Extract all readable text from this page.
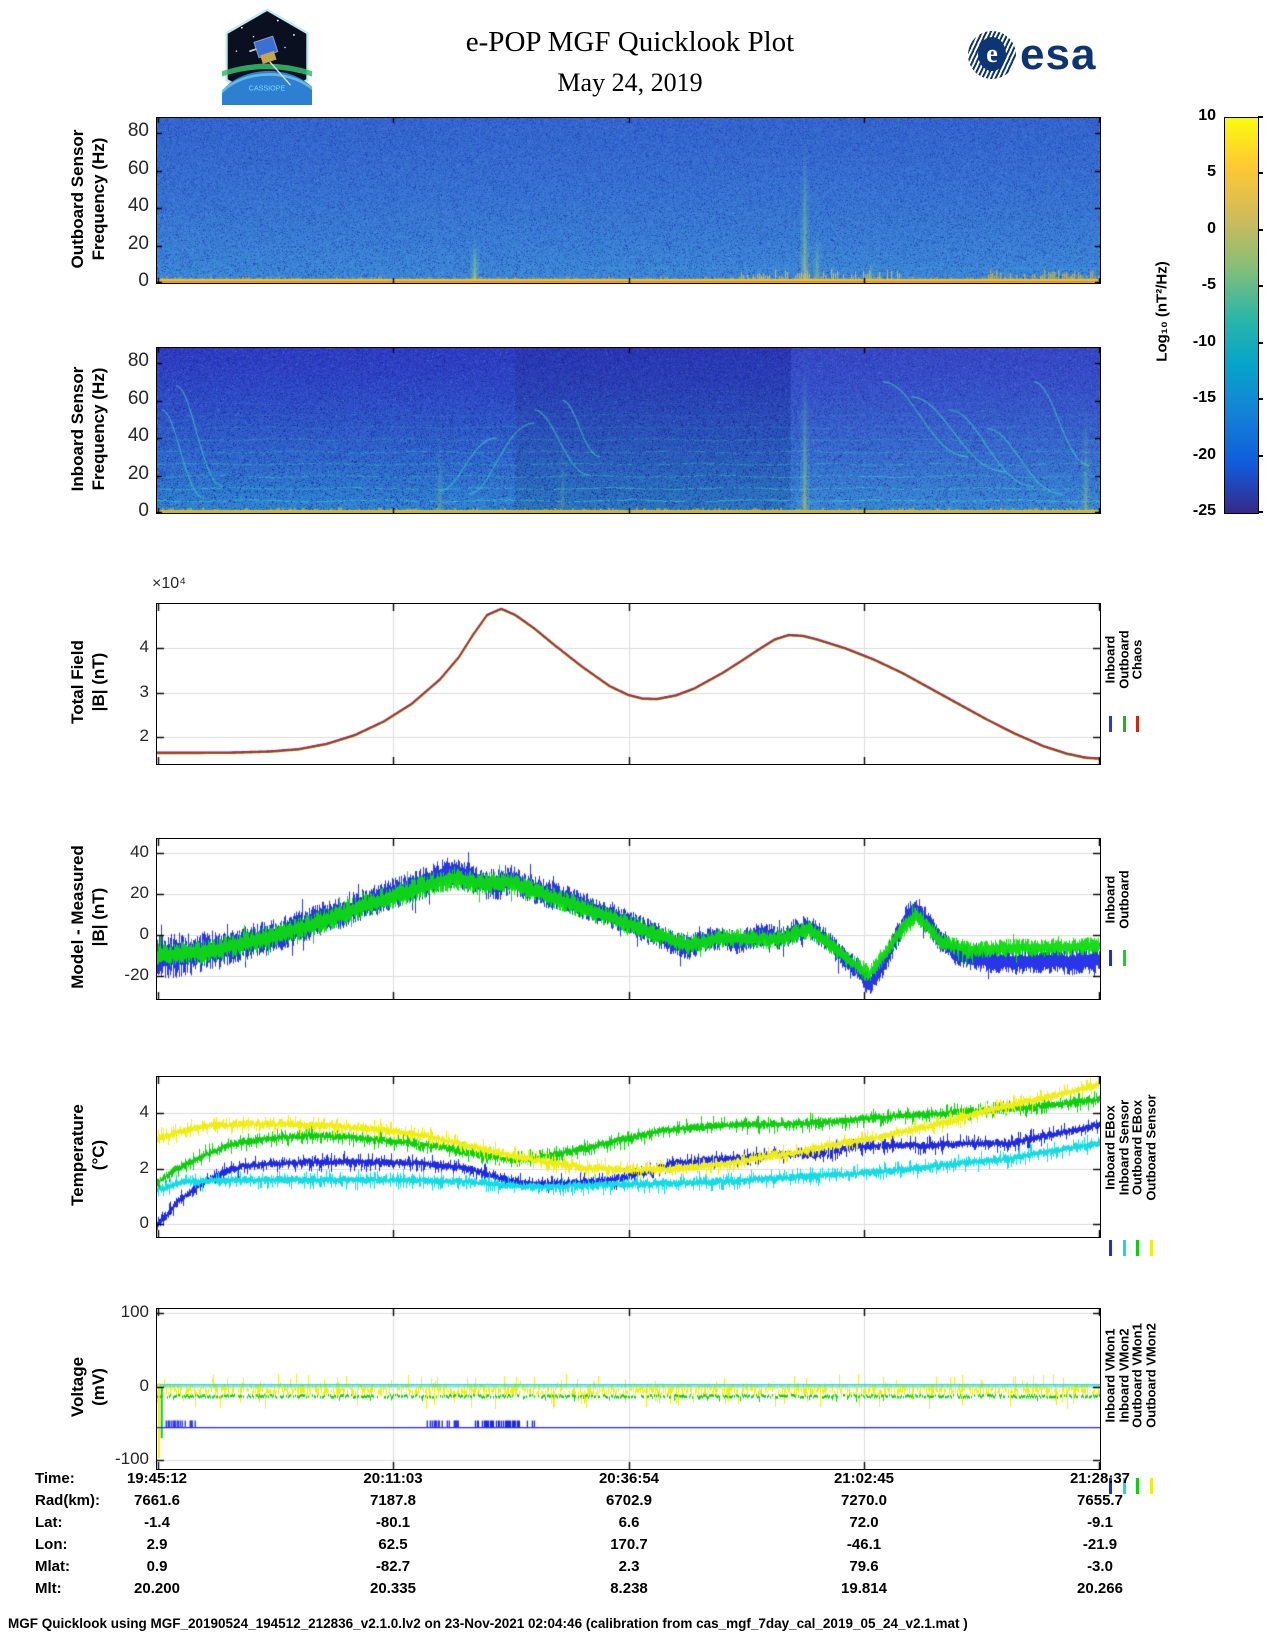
CASSIOPE
e-POP MGF Quicklook Plot
May 24, 2019
e esa
Outboard Sensor Frequency (Hz)
Inboard Sensor Frequency (Hz)
Total Field |B| (nT)
Model - Measured |B| (nT)
Temperature (°C)
Voltage (mV)
×10⁴
Log₁₀ (nT²/Hz)
MGF Quicklook using MGF_20190524_194512_212836_v2.1.0.lv2 on 23-Nov-2021 02:04:46 (calibration from cas_mgf_7day_cal_2019_05_24_v2.1.mat )
0
20
40
60
80
0
20
40
60
80
2
3
4
-20
0
20
40
0
2
4
-100
0
100
10
5
0
-5
-10
-15
-20
-25
Inboard
Outboard
Chaos
Inboard
Outboard
Inboard EBox
Inboard Sensor
Outboard EBox
Outboard Sensor
Inboard VMon1
Inboard VMon2
Outboard VMon1
Outboard VMon2
Time:	19:45:12	20:11:03	20:36:54	21:02:45	21:28:37
Rad(km):	7661.6	7187.8	6702.9	7270.0	7655.7
Lat:	-1.4	-80.1	6.6	72.0	-9.1
Lon:	2.9	62.5	170.7	-46.1	-21.9
Mlat:	0.9	-82.7	2.3	79.6	-3.0
Mlt:	20.200	20.335	8.238	19.814	20.266
